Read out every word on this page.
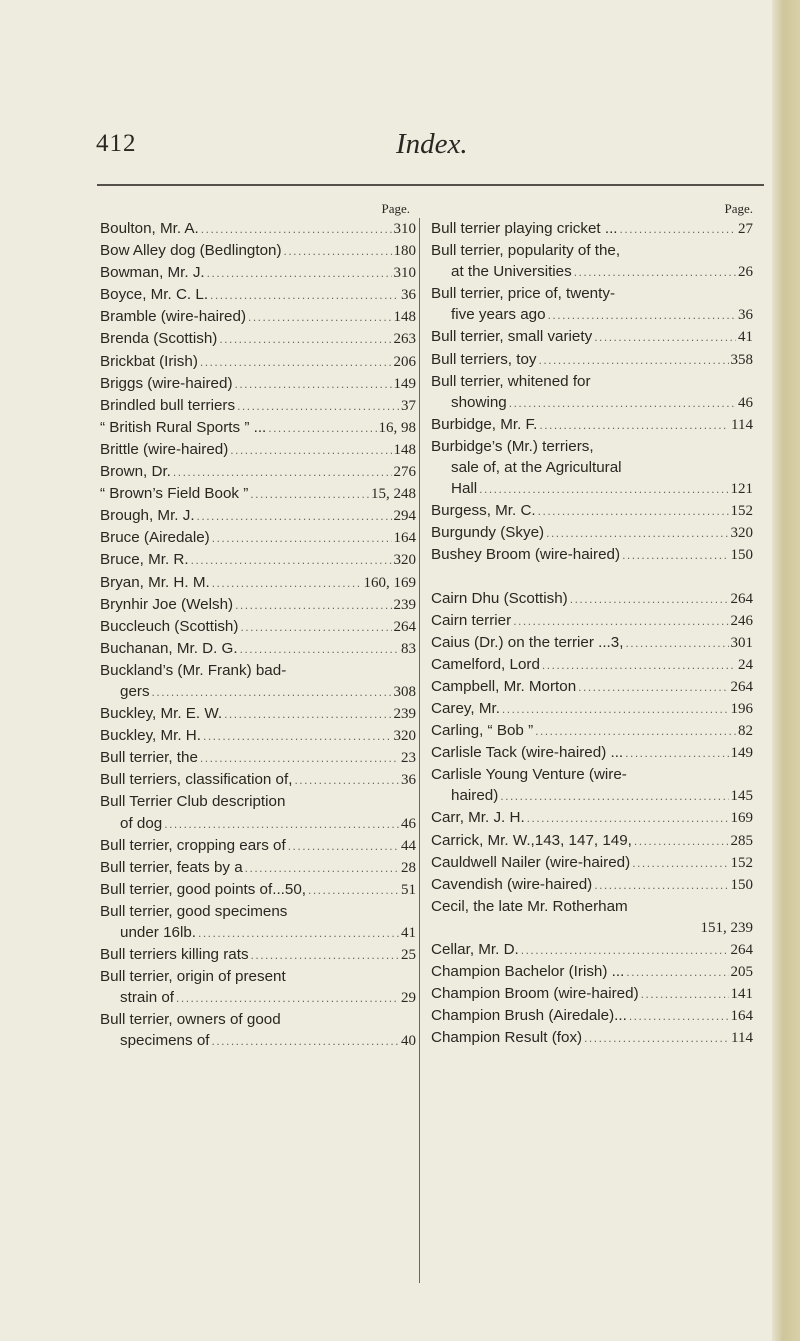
412	Index.
Page.
Boulton, Mr. A. .....	310
Bow Alley dog (Bedlington) .....	180
Bowman, Mr. J. .....	310
Boyce, Mr. C. L. .....	36
Bramble (wire-haired) .....	148
Brenda (Scottish) .....	263
Brickbat (Irish) .....	206
Briggs (wire-haired) .....	149
Brindled bull terriers .....	37
“ British Rural Sports ” ... .....	16, 98
Brittle (wire-haired) .....	148
Brown, Dr. .....	276
“ Brown’s Field Book ” .....	15, 248
Brough, Mr. J. .....	294
Bruce (Airedale) .....	164
Bruce, Mr. R. .....	320
Bryan, Mr. H. M. .....	160, 169
Brynhir Joe (Welsh) .....	239
Buccleuch (Scottish) .....	264
Buchanan, Mr. D. G. .....	83
Buckland’s (Mr. Frank) bad-
gers .....	308
Buckley, Mr. E. W. .....	239
Buckley, Mr. H. .....	320
Bull terrier, the .....	23
Bull terriers, classification of, .....	36
Bull Terrier Club description
of dog .....	46
Bull terrier, cropping ears of .....	44
Bull terrier, feats by a .....	28
Bull terrier, good points of...50, .....	51
Bull terrier, good specimens
under 16lb. .....	41
Bull terriers killing rats .....	25
Bull terrier, origin of present
strain of .....	29
Bull terrier, owners of good
specimens of .....	40
Page.
Bull terrier playing cricket ... .....	27
Bull terrier, popularity of the,
at the Universities .....	26
Bull terrier, price of, twenty-
five years ago .....	36
Bull terrier, small variety .....	41
Bull terriers, toy .....	358
Bull terrier, whitened for
showing .....	46
Burbidge, Mr. F. .....	114
Burbidge’s (Mr.) terriers,
sale of, at the Agricultural
Hall .....	121
Burgess, Mr. C. .....	152
Burgundy (Skye) .....	320
Bushey Broom (wire-haired) .....	150
Cairn Dhu (Scottish) .....	264
Cairn terrier .....	246
Caius (Dr.) on the terrier ...3, .....	301
Camelford, Lord .....	24
Campbell, Mr. Morton .....	264
Carey, Mr. .....	196
Carling, “ Bob ” .....	82
Carlisle Tack (wire-haired) ... .....	149
Carlisle Young Venture (wire-
haired) .....	145
Carr, Mr. J. H. .....	169
Carrick, Mr. W.,143, 147, 149, .....	285
Cauldwell Nailer (wire-haired) .....	152
Cavendish (wire-haired) .....	150
Cecil, the late Mr. Rotherham
151, 239
Cellar, Mr. D. .....	264
Champion Bachelor (Irish) ... .....	205
Champion Broom (wire-haired) .....	141
Champion Brush (Airedale)... .....	164
Champion Result (fox) .....	114
